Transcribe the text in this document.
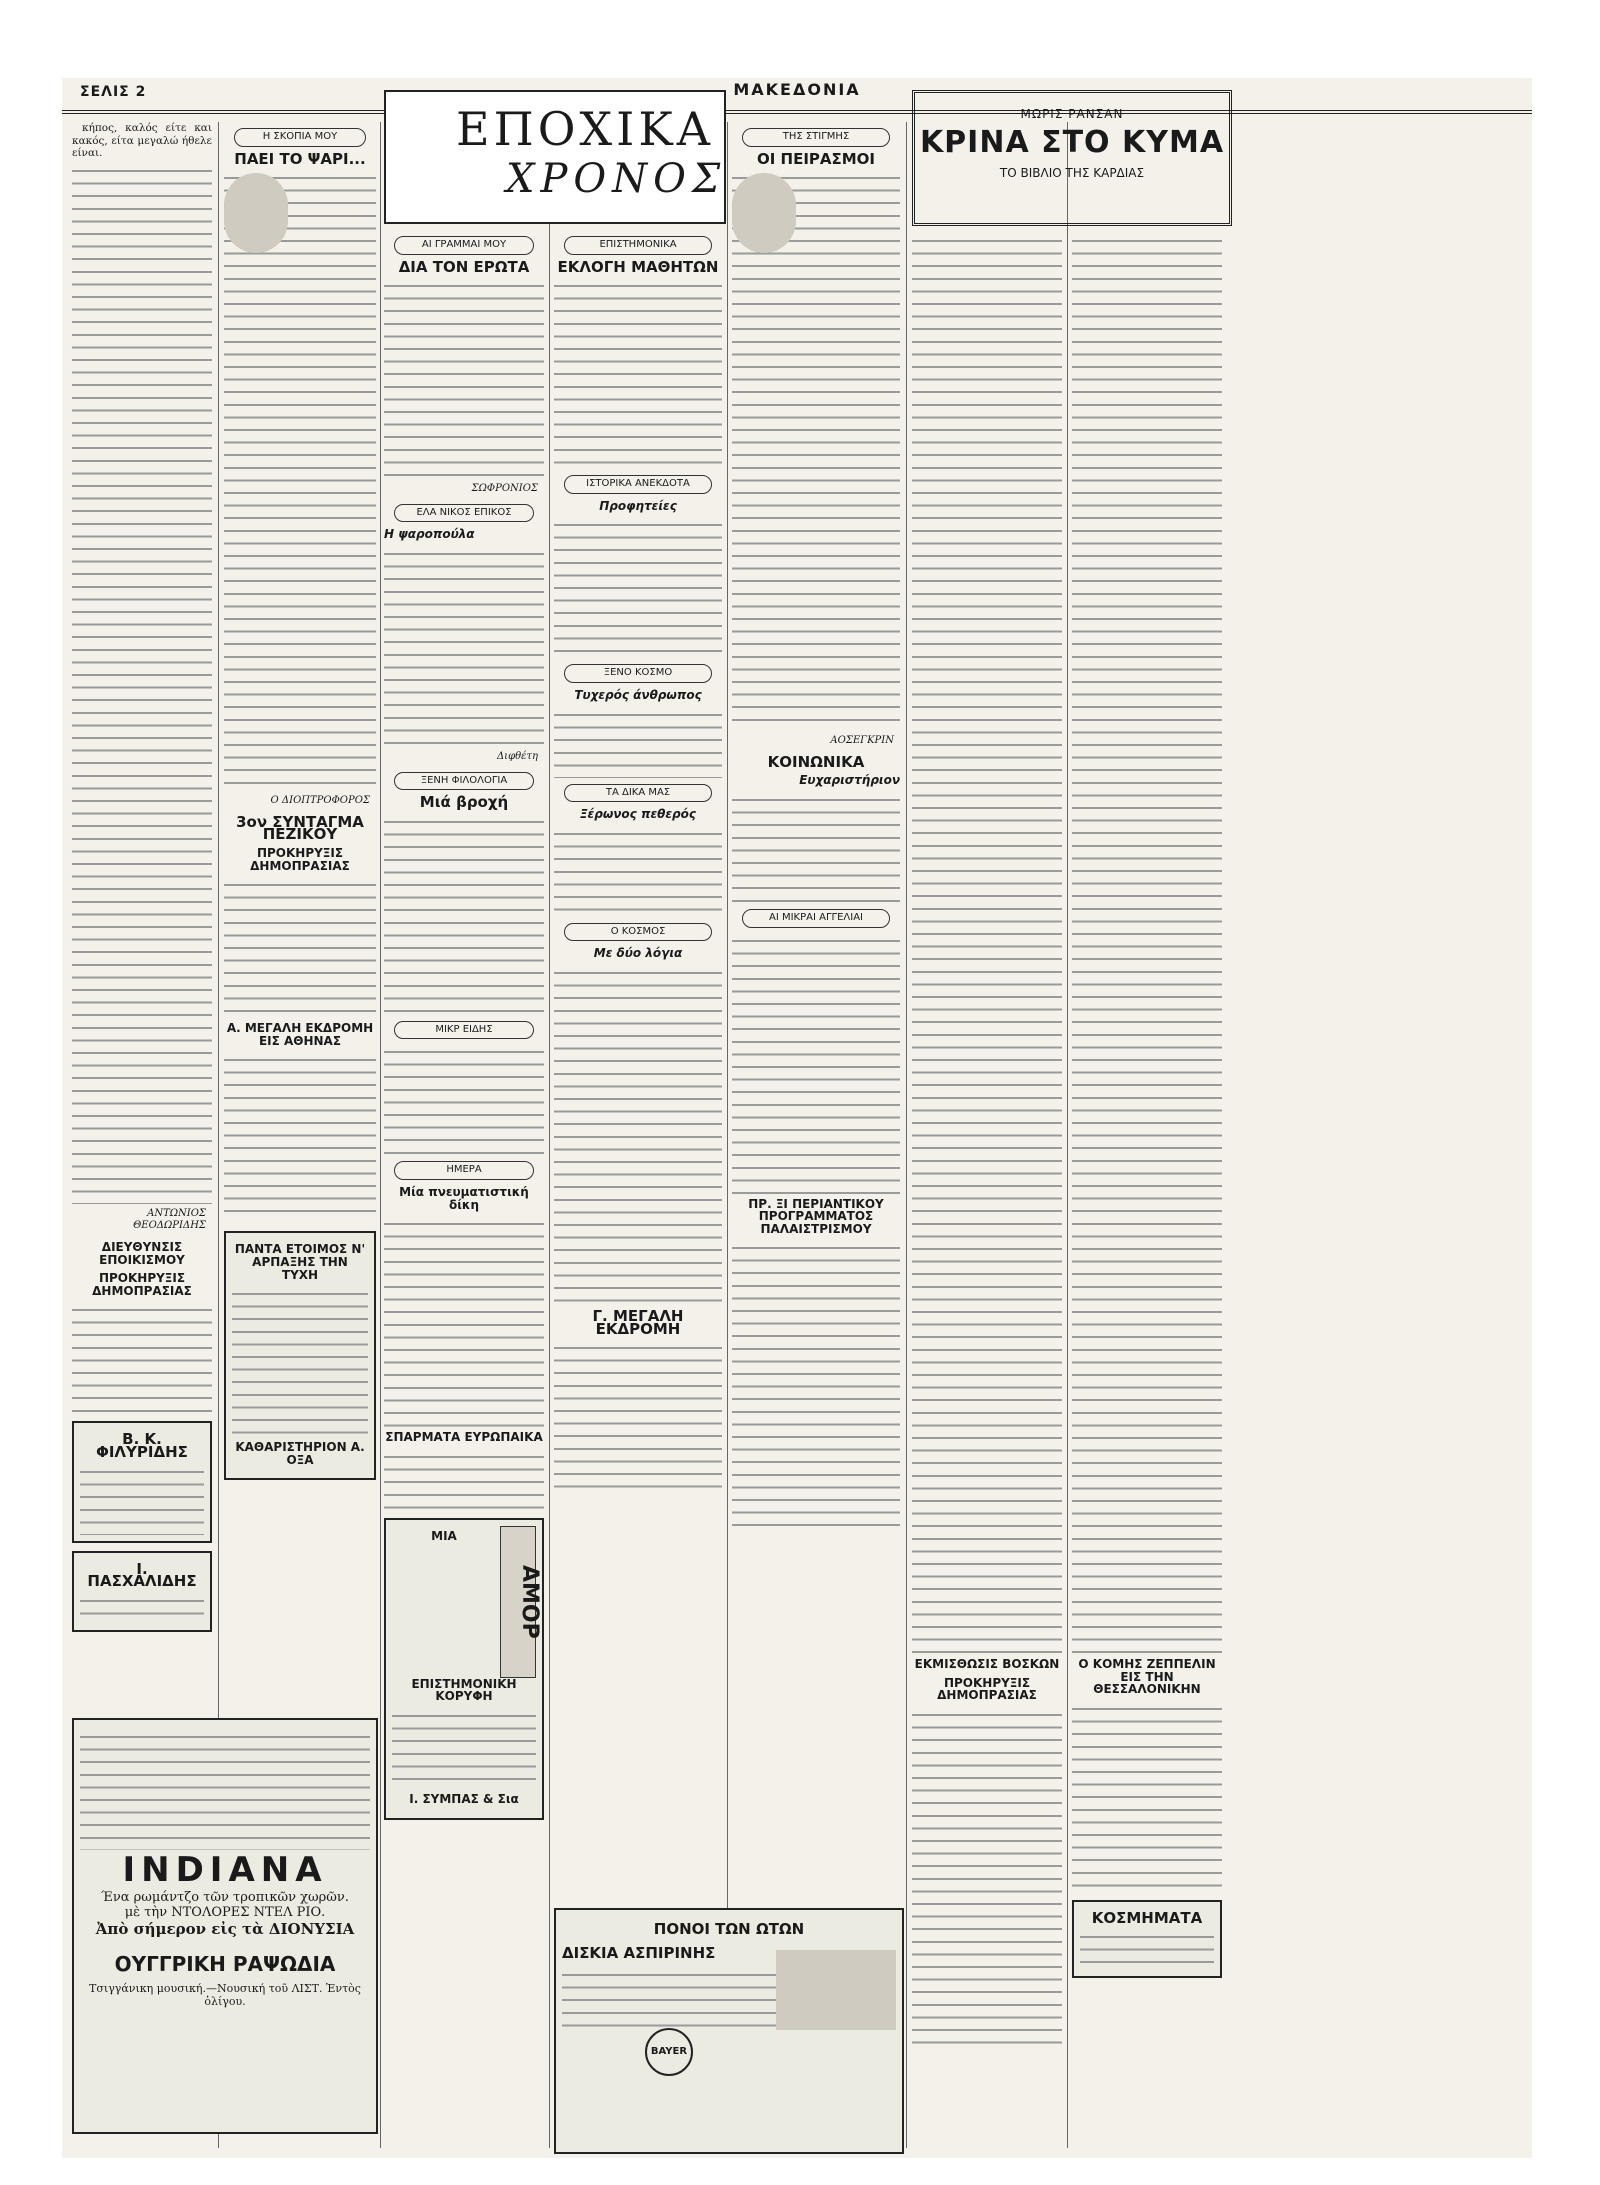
ΣΕΛΙΣ 2	ΜΑΚΕΔΟΝΙΑ

κήπος, καλός είτε και κακός, είτα μεγαλώ ήθελε είναι.

ΑΝΤΩΝΙΟΣ ΘΕΟΔΩΡΙΔΗΣ
ΔΙΕΥΘΥΝΣΙΣ ΕΠΟΙΚΙΣΜΟΥ
ΠΡΟΚΗΡΥΞΙΣ ΔΗΜΟΠΡΑΣΙΑΣ
Β. Κ. ΦΙΛΥΡΙΔΗΣ
Ι. ΠΑΣΧΑΛΙΔΗΣ
Η ΣΚΟΠΙΑ ΜΟΥ
ΠΑΕΙ ΤΟ ΨΑΡΙ...
Ο ΔΙΟΠΤΡΟΦΟΡΟΣ
3ον ΣΥΝΤΑΓΜΑ ΠΕΖΙΚΟΥ
ΠΡΟΚΗΡΥΞΙΣ ΔΗΜΟΠΡΑΣΙΑΣ
Α. ΜΕΓΑΛΗ ΕΚΔΡΟΜΗ ΕΙΣ ΑΘΗΝΑΣ
ΠΑΝΤΑ ΕΤΟΙΜΟΣ Ν' ΑΡΠΑΞΗΣ ΤΗΝ ΤΥΧΗ
ΚΑΘΑΡΙΣΤΗΡΙΟΝ Α. ΟΞΑ
ΑΙ ΓΡΑΜΜΑΙ ΜΟΥ
ΔΙΑ ΤΟΝ ΕΡΩΤΑ
ΣΩΦΡΟΝΙΟΣ
ΕΛΑ ΝΙΚΟΣ ΕΠΙΚΟΣ
Η ψαροπούλα
Διφθέτη
ΞΕΝΗ ΦΙΛΟΛΟΓΙΑ
Μιά βροχή
ΜΙΚΡ ΕΙΔΗΣ
ΗΜΕΡΑ
Μία πνευματιστική δίκη
ΣΠΑΡΜΑΤΑ ΕΥΡΩΠΑΙΚΑ
ΑΜΟΡ
ΜΙΑ ΕΠΙΣΤΗΜΟΝΙΚΗ ΚΟΡΥΦΗ
Ι. ΣΥΜΠΑΣ & Σια
ΕΠΟΧΙΚΑ
ΧΡΟΝΟΣ
ΕΠΙΣΤΗΜΟΝΙΚΑ
ΕΚΛΟΓΗ ΜΑΘΗΤΩΝ
ΙΣΤΟΡΙΚΑ ΑΝΕΚΔΟΤΑ
Προφητείες
ΞΕΝΟ ΚΟΣΜΟ
Τυχερός άνθρωπος
ΤΑ ΔΙΚΑ ΜΑΣ
Ξέρωνος πεθερός
Ο ΚΟΣΜΟΣ
Με δύο λόγια
Γ. ΜΕΓΑΛΗ ΕΚΔΡΟΜΗ
ΠΟΝΟΙ ΤΩΝ ΩΤΩΝ
ΔΙΣΚΙΑ ΑΣΠΙΡΙΝΗΣ
BAYER
ΤΗΣ ΣΤΙΓΜΗΣ
ΟΙ ΠΕΙΡΑΣΜΟΙ
ΑΟΣΕΓΚΡΙΝ
ΚΟΙΝΩΝΙΚΑ
Ευχαριστήριον
ΑΙ ΜΙΚΡΑΙ ΑΓΓΕΛΙΑΙ
ΠΡ. ΞΙ ΠΕΡΙΑΝΤΙΚΟΥ ΠΡΟΓΡΑΜΜΑΤΟΣ ΠΑΛΑΙΣΤΡΙΣΜΟΥ
ΜΩΡΙΣ ΡΑΝΣΑΝ
ΚΡΙΝΑ ΣΤΟ ΚΥΜΑ
ΤΟ ΒΙΒΛΙΟ ΤΗΣ ΚΑΡΔΙΑΣ
ΕΚΜΙΣΘΩΣΙΣ ΒΟΣΚΩΝ
ΠΡΟΚΗΡΥΞΙΣ ΔΗΜΟΠΡΑΣΙΑΣ
Ο ΚΟΜΗΣ ΖΕΠΠΕΛΙΝ ΕΙΣ ΤΗΝ ΘΕΣΣΑΛΟΝΙΚΗΝ
ΚΟΣΜΗΜΑΤΑ
INDIANA
Ένα ρωμάντζο τῶν τροπικῶν χωρῶν.
μὲ τὴν ΝΤΟΛΟΡΕΣ ΝΤΕΛ ΡΙΟ.
Ἀπὸ σήμερον εἰς τὰ ΔΙΟΝΥΣΙΑ
ΟΥΓΓΡΙΚΗ ΡΑΨΩΔΙΑ
Τσιγγάνικη μουσική.—Νουσική τοῦ ΛΙΣΤ. Ἐντὸς ὀλίγου.
